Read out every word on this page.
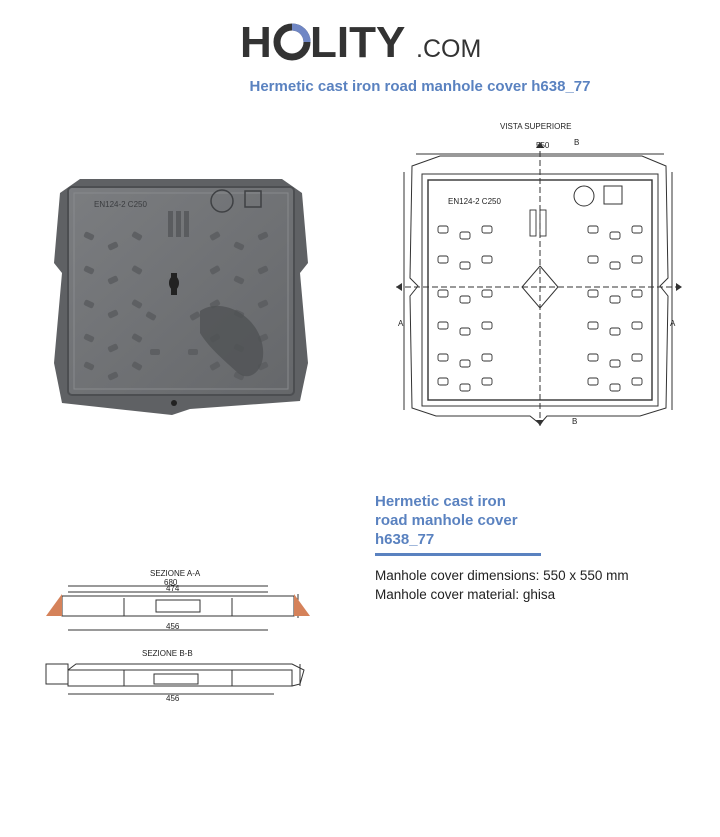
H LITY .COM
Hermetic cast iron road manhole cover h638_77
EN124-2 C250
VISTA SUPERIORE
550	B
B
A	A
EN124-2 C250
SEZIONE A-A
680
474
456
SEZIONE B-B
456
Hermetic cast iron
road manhole cover
h638_77
Manhole cover dimensions: 550 x 550 mm
Manhole cover material: ghisa
